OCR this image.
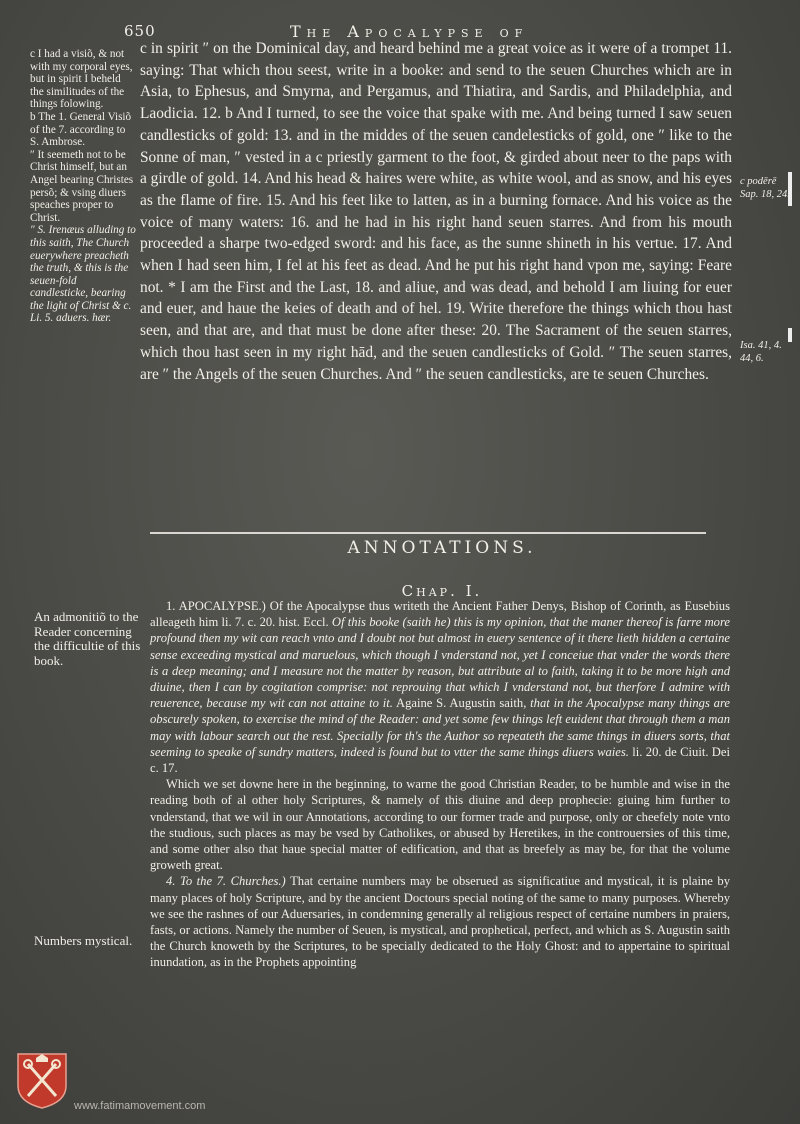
650	The Apocalypse of

c I had a visiõ, & not with my corporal eyes, but in spirit I beheld the similitudes of the things folowing.

b The 1. General Visiõ of the 7. according to S. Ambrose.

″ It seemeth not to be Christ himself, but an Angel bearing Christes persõ; & vsing diuers speaches proper to Christ.

″ S. Irenæus alluding to this saith, The Church euerywhere preacheth the truth, & this is the seuen-fold candlesticke, bearing the light of Christ & c. Li. 5. aduers. hær.

c in spirit ″ on the Dominical day, and heard behind me a great voice as it were of a trompet 11. saying: That which thou seest, write in a booke: and send to the seuen Churches which are in Asia, to Ephesus, and Smyrna, and Pergamus, and Thiatira, and Sardis, and Philadelphia, and Laodicia. 12. b And I turned, to see the voice that spake with me. And being turned I saw seuen candlesticks of gold: 13. and in the middes of the seuen candelesticks of gold, one ″ like to the Sonne of man, ″ vested in a c priestly garment to the foot, & girded about neer to the paps with a girdle of gold. 14. And his head & haires were white, as white wool, and as snow, and his eyes as the flame of fire. 15. And his feet like to latten, as in a burning fornace. And his voice as the voice of many waters: 16. and he had in his right hand seuen starres. And from his mouth proceeded a sharpe two-edged sword: and his face, as the sunne shineth in his vertue. 17. And when I had seen him, I fel at his feet as dead. And he put his right hand vpon me, saying: Feare not. * I am the First and the Last, 18. and aliue, and was dead, and behold I am liuing for euer and euer, and haue the keies of death and of hel. 19. Write therefore the things which thou hast seen, and that are, and that must be done after these: 20. The Sacrament of the seuen starres, which thou hast seen in my right hād, and the seuen candlesticks of Gold. ″ The seuen starres, are ″ the Angels of the seuen Churches. And ″ the seuen candlesticks, are te seuen Churches.

c podērē Sap. 18, 24.
Isa. 41, 4. 44, 6.
ANNOTATIONS.
Chap. I.
An admonitiõ to the Reader concerning the difficultie of this book.
Numbers mystical.

1. APOCALYPSE.) Of the Apocalypse thus writeth the Ancient Father Denys, Bishop of Corinth, as Eusebius alleageth him li. 7. c. 20. hist. Eccl. Of this booke (saith he) this is my opinion, that the maner thereof is farre more profound then my wit can reach vnto and I doubt not but almost in euery sentence of it there lieth hidden a certaine sense exceeding mystical and maruelous, which though I vnderstand not, yet I conceiue that vnder the words there is a deep meaning; and I measure not the matter by reason, but attribute al to faith, taking it to be more high and diuine, then I can by cogitation comprise: not reprouing that which I vnderstand not, but therfore I admire with reuerence, because my wit can not attaine to it. Againe S. Augustin saith, that in the Apocalypse many things are obscurely spoken, to exercise the mind of the Reader: and yet some few things left euident that through them a man may with labour search out the rest. Specially for th's the Author so repeateth the same things in diuers sorts, that seeming to speake of sundry matters, indeed is found but to vtter the same things diuers waies. li. 20. de Ciuit. Dei c. 17.

Which we set downe here in the beginning, to warne the good Christian Reader, to be humble and wise in the reading both of al other holy Scriptures, & namely of this diuine and deep prophecie: giuing him further to vnderstand, that we wil in our Annotations, according to our former trade and purpose, only or cheefely note vnto the studious, such places as may be vsed by Catholikes, or abused by Heretikes, in the controuersies of this time, and some other also that haue special matter of edification, and that as breefely as may be, for that the volume groweth great.

4. To the 7. Churches.) That certaine numbers may be obserued as significatiue and mystical, it is plaine by many places of holy Scripture, and by the ancient Doctours special noting of the same to many purposes. Whereby we see the rashnes of our Aduersaries, in condemning generally al religious respect of certaine numbers in praiers, fasts, or actions. Namely the number of Seuen, is mystical, and prophetical, perfect, and which as S. Augustin saith the Church knoweth by the Scriptures, to be specially dedicated to the Holy Ghost: and to appertaine to spiritual inundation, as in the Prophets appointing

www.fatimamovement.com
